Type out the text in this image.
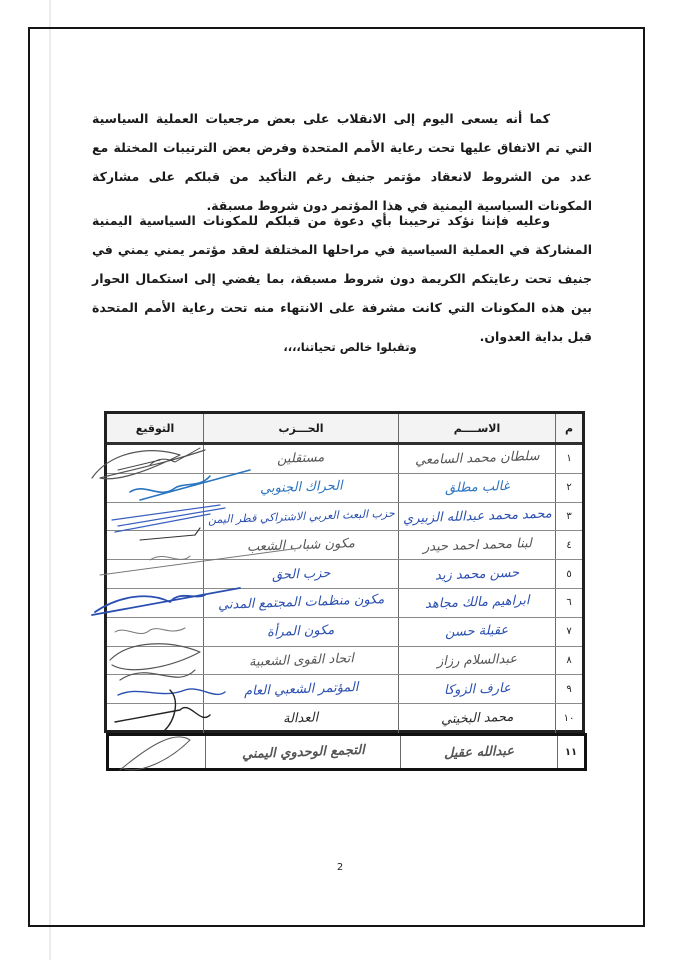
كما أنه يسعى اليوم إلى الانقلاب على بعض مرجعيات العملية السياسية التي تم الاتفاق عليها تحت رعاية الأمم المتحدة وفرض بعض الترتيبات المختلة مع عدد من الشروط لانعقاد مؤتمر جنيف رغم التأكيد من قبلكم على مشاركة المكونات السياسية اليمنية في هذا المؤتمر دون شروط مسبقة.

وعليه فإننا نؤكد ترحيبنا بأي دعوة من قبلكم للمكونات السياسية اليمنية المشاركة في العملية السياسية في مراحلها المختلفة لعقد مؤتمر يمني يمني في جنيف تحت رعايتكم الكريمة دون شروط مسبقة، بما يفضي إلى استكمال الحوار بين هذه المكونات التي كانت مشرفة على الانتهاء منه تحت رعاية الأمم المتحدة قبل بداية العدوان.

وتقبلوا خالص تحياتنا،،،،
م
الاســــم
الحـــزب
التوقيع
١
سلطان محمد السامعي
مستقلين
٢
غالب مطلق
الحراك الجنوبي
٣
محمد محمد عبدالله الزبيري
حزب البعث العربي الاشتراكي قطر اليمن
٤
لبنا محمد احمد حيدر
مكون شباب الشعب
٥
حسن محمد زيد
حزب الحق
٦
ابراهيم مالك مجاهد
مكون منظمات المجتمع المدني
٧
عقيلة حسن
مكون المرأة
٨
عبدالسلام رزاز
اتحاد القوى الشعبية
٩
عارف الزوكا
المؤتمر الشعبي العام
١٠
محمد البخيتي
العدالة
١١
عبدالله عقيل
التجمع الوحدوي اليمني
2
